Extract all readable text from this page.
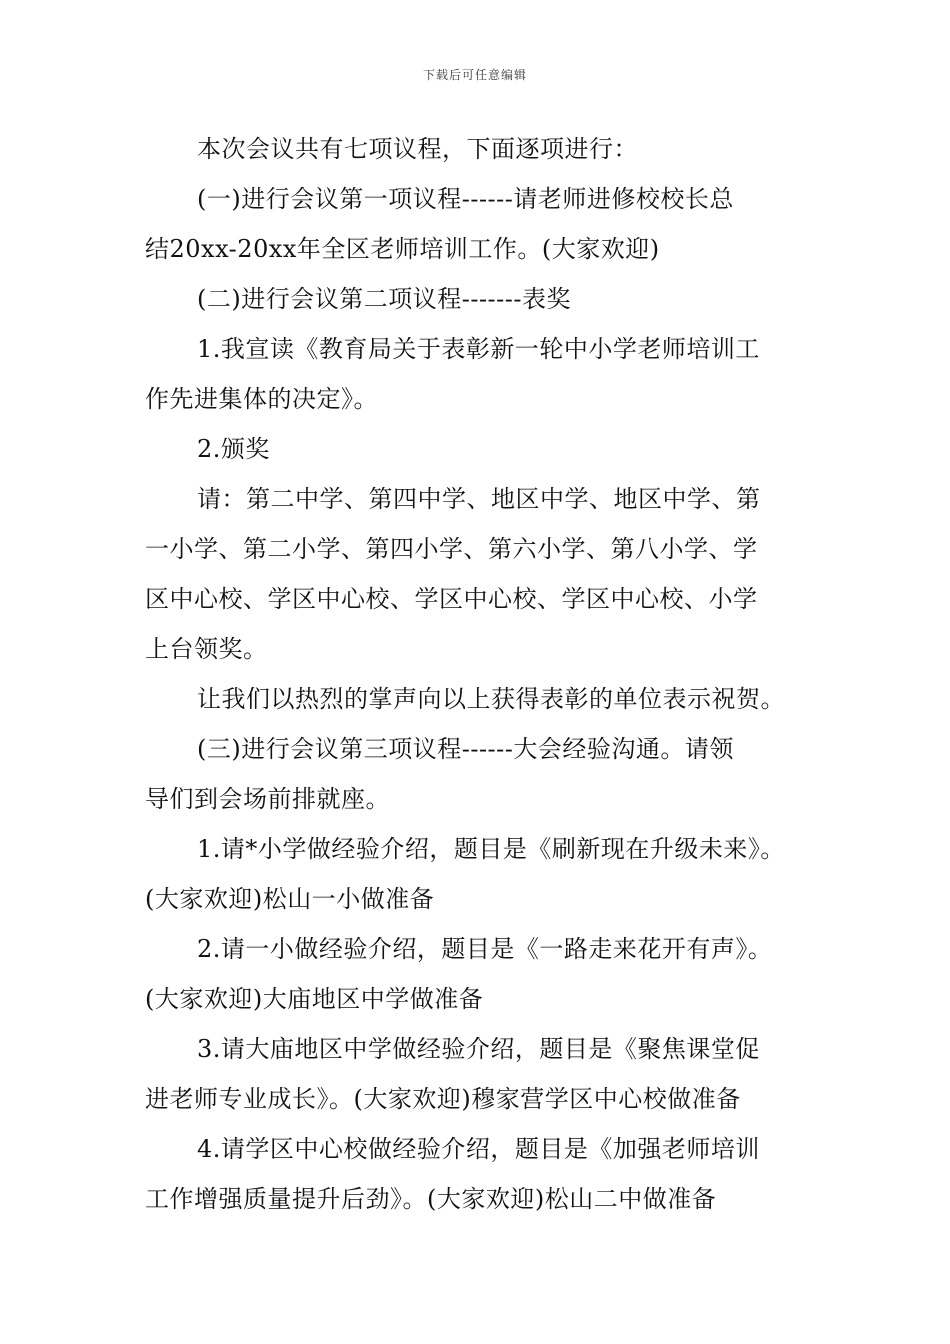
下载后可任意编辑

本次会议共有七项议程，下面逐项进行：

(一)进行会议第一项议程------请老师进修校校长总
结20xx-20xx年全区老师培训工作。(大家欢迎)

(二)进行会议第二项议程-------表奖

1.我宣读《教育局关于表彰新一轮中小学老师培训工
作先进集体的决定》。

2.颁奖

请：第二中学、第四中学、地区中学、地区中学、第
一小学、第二小学、第四小学、第六小学、第八小学、学
区中心校、学区中心校、学区中心校、学区中心校、小学
上台领奖。

让我们以热烈的掌声向以上获得表彰的单位表示祝贺。

(三)进行会议第三项议程------大会经验沟通。请领
导们到会场前排就座。

1.请*小学做经验介绍，题目是《刷新现在升级未来》。
(大家欢迎)松山一小做准备

2.请一小做经验介绍，题目是《一路走来花开有声》。
(大家欢迎)大庙地区中学做准备

3.请大庙地区中学做经验介绍，题目是《聚焦课堂促
进老师专业成长》。(大家欢迎)穆家营学区中心校做准备

4.请学区中心校做经验介绍，题目是《加强老师培训
工作增强质量提升后劲》。(大家欢迎)松山二中做准备
